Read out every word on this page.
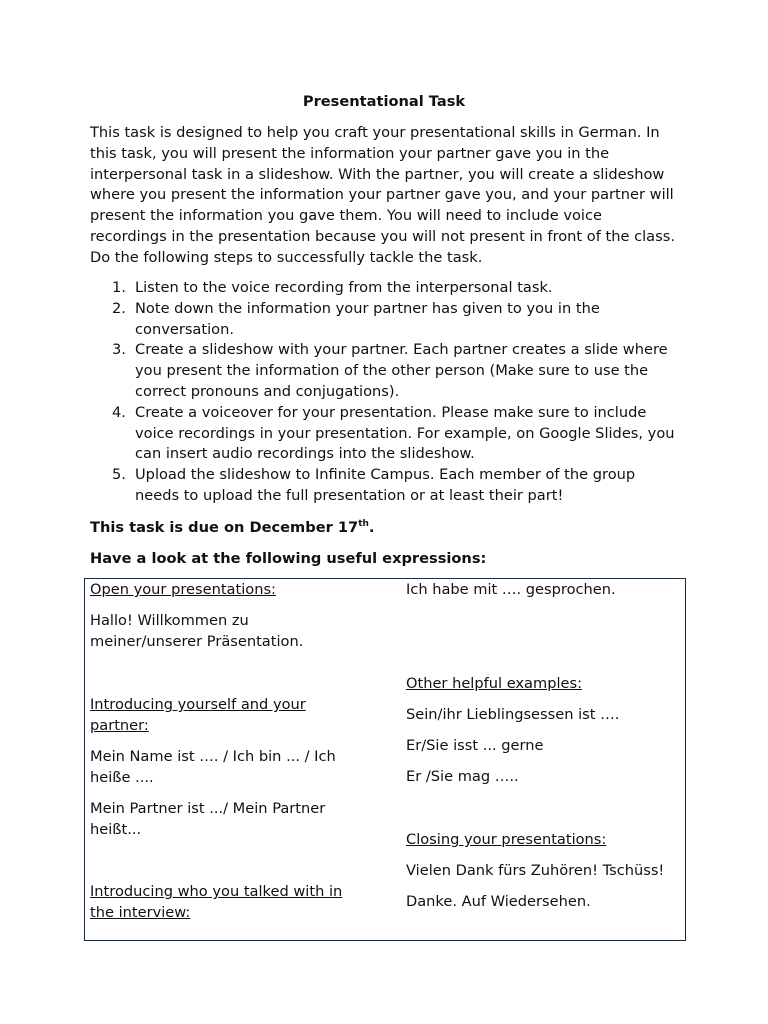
Presentational Task

This task is designed to help you craft your presentational skills in German. In this task, you will present the information your partner gave you in the interpersonal task in a slideshow. With the partner, you will create a slideshow where you present the information your partner gave you, and your partner will present the information you gave them. You will need to include voice recordings in the presentation because you will not present in front of the class. Do the following steps to successfully tackle the task.

1. Listen to the voice recording from the interpersonal task.
2. Note down the information your partner has given to you in the conversation.
3. Create a slideshow with your partner. Each partner creates a slide where you present the information of the other person (Make sure to use the correct pronouns and conjugations).
4. Create a voiceover for your presentation. Please make sure to include voice recordings in your presentation. For example, on Google Slides, you can insert audio recordings into the slideshow.
5. Upload the slideshow to Infinite Campus. Each member of the group needs to upload the full presentation or at least their part!
This task is due on December 17th.
Have a look at the following useful expressions:

Open your presentations:

Hallo! Willkommen zu meiner/unserer Präsentation.

Introducing yourself and your partner:

Mein Name ist …. / Ich bin ... / Ich heiße ....

Mein Partner ist .../ Mein Partner heißt...

Introducing who you talked with in the interview:

Ich habe mit …. gesprochen.

Other helpful examples:

Sein/ihr Lieblingsessen ist ….

Er/Sie isst ... gerne

Er /Sie mag …..

Closing your presentations:

Vielen Dank fürs Zuhören! Tschüss!

Danke. Auf Wiedersehen.
